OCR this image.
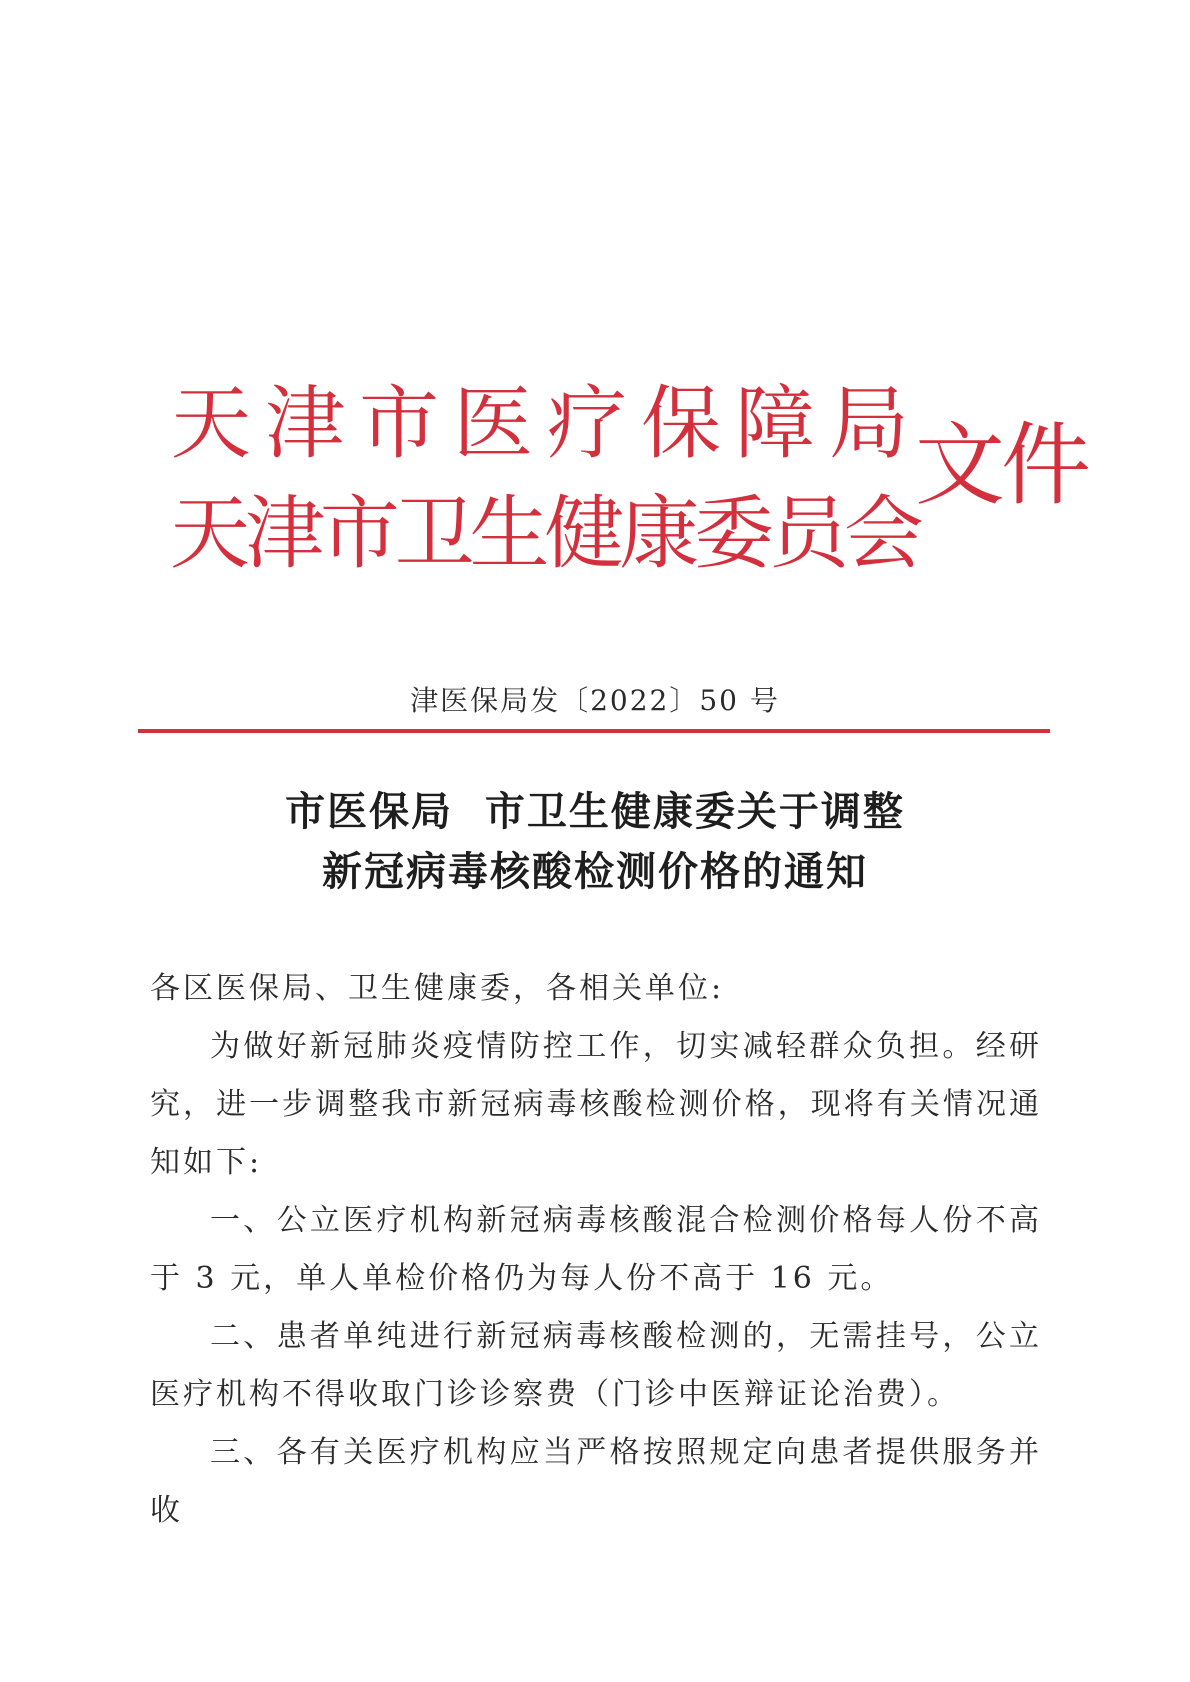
天 津 市 医 疗 保 障 局
天
津
市
卫
生
健
康
委
员
会
文件
津医保局发〔2022〕50 号
市医保局  市卫生健康委关于调整
新冠病毒核酸检测价格的通知

各区医保局、卫生健康委，各相关单位:

为做好新冠肺炎疫情防控工作，切实减轻群众负担。经研究，进一步调整我市新冠病毒核酸检测价格，现将有关情况通知如下:

一、公立医疗机构新冠病毒核酸混合检测价格每人份不高于 3 元，单人单检价格仍为每人份不高于 16 元。

二、患者单纯进行新冠病毒核酸检测的，无需挂号，公立医疗机构不得收取门诊诊察费（门诊中医辩证论治费）。

三、各有关医疗机构应当严格按照规定向患者提供服务并收
